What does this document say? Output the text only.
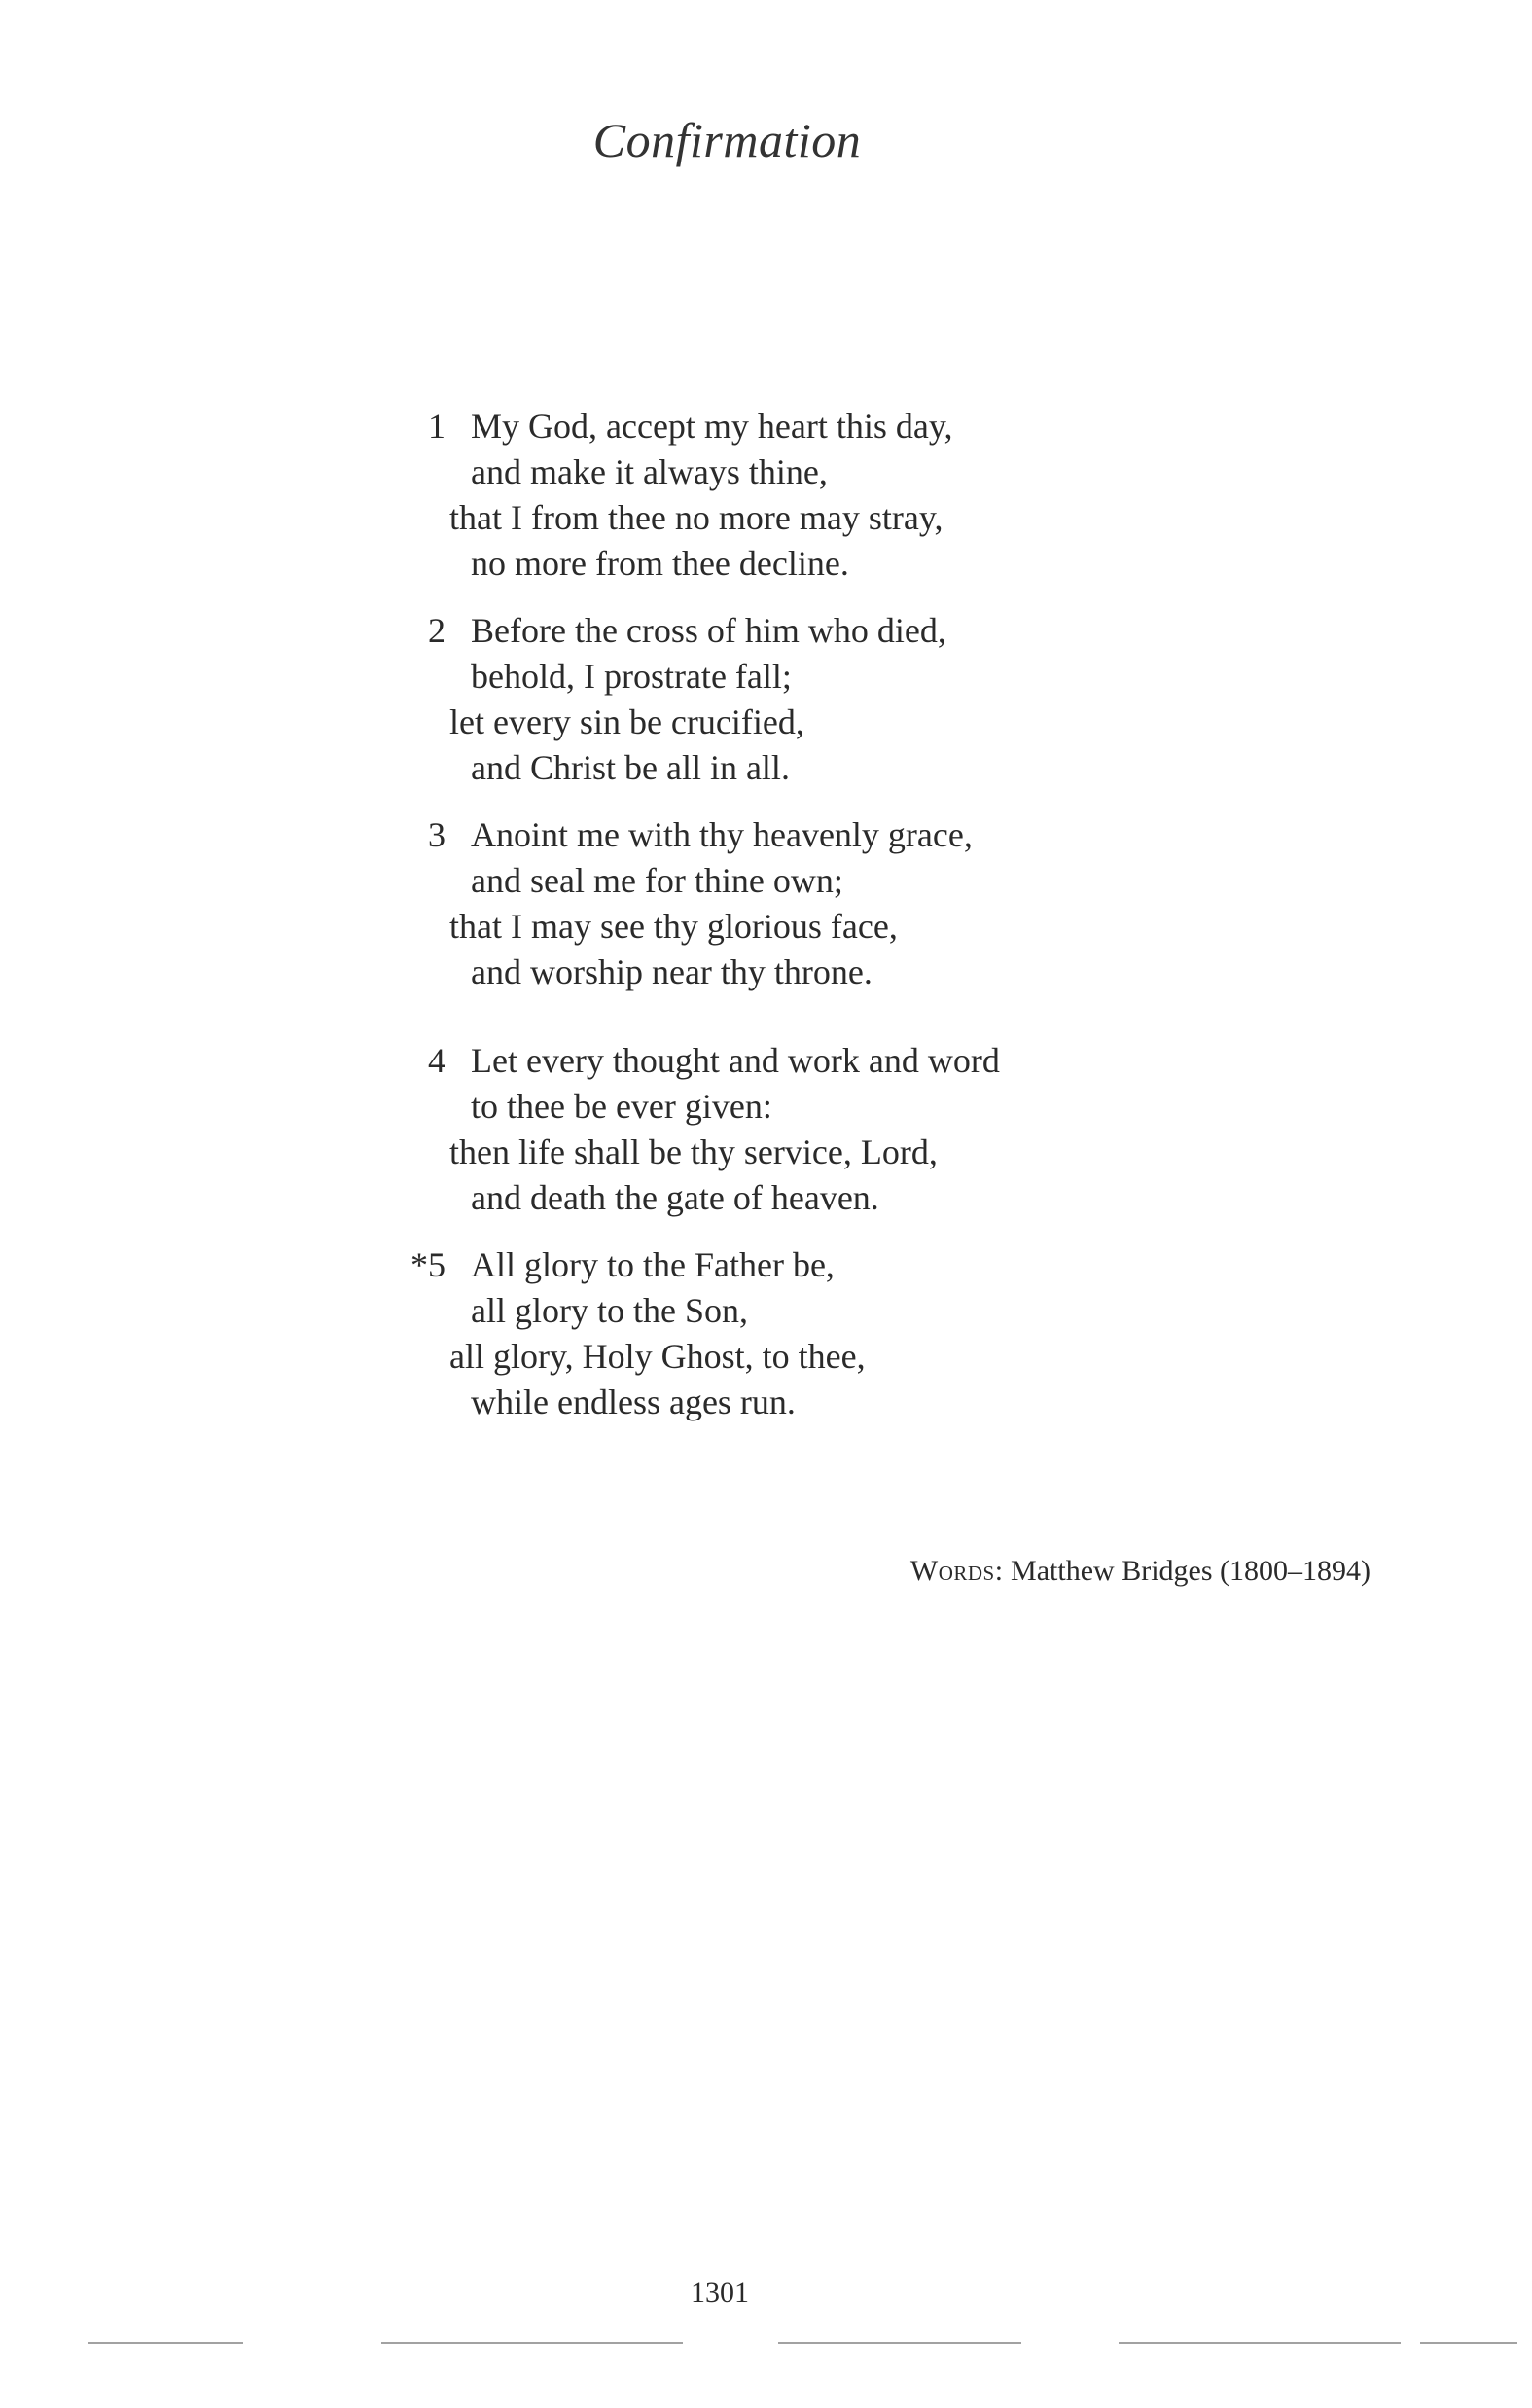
Confirmation
1 My God, accept my heart this day,
and make it always thine,
that I from thee no more may stray,
no more from thee decline.
2 Before the cross of him who died,
behold, I prostrate fall;
let every sin be crucified,
and Christ be all in all.
3 Anoint me with thy heavenly grace,
and seal me for thine own;
that I may see thy glorious face,
and worship near thy throne.
4 Let every thought and work and word
to thee be ever given:
then life shall be thy service, Lord,
and death the gate of heaven.
*5 All glory to the Father be,
all glory to the Son,
all glory, Holy Ghost, to thee,
while endless ages run.
Words: Matthew Bridges (1800–1894)
1301
